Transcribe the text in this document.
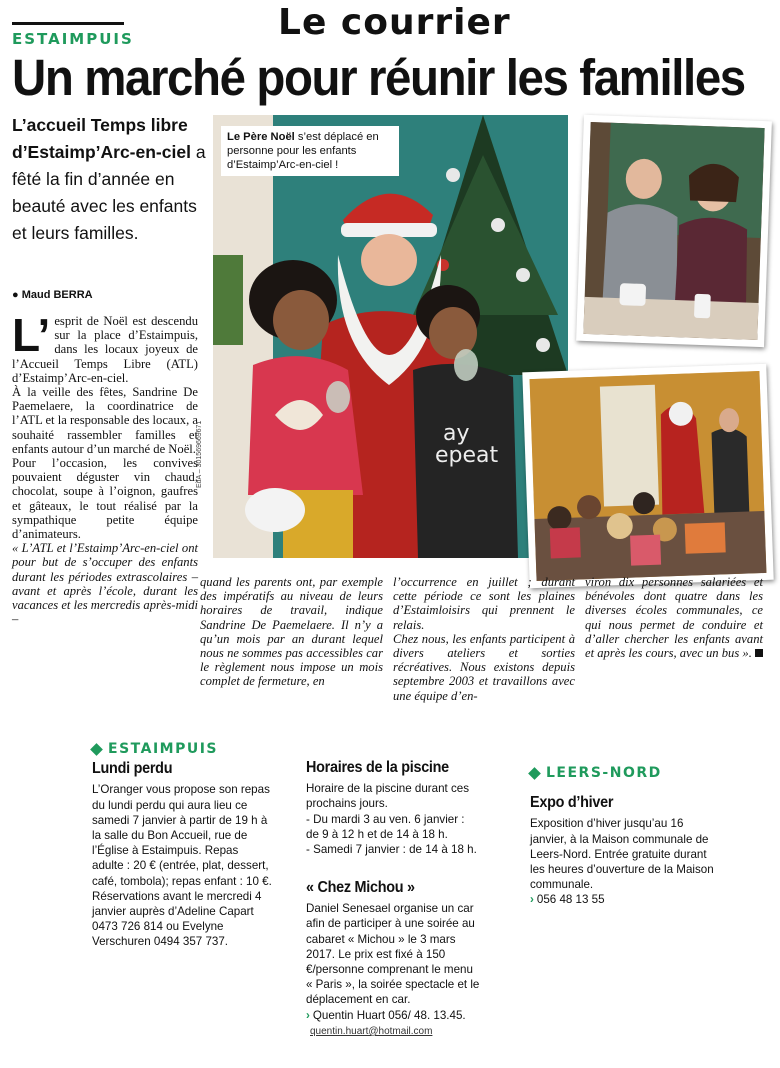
Le courrier
ESTAIMPUIS
Un marché pour réunir les familles
L’accueil Temps libre d’Estaimp’Arc-en-ciel a fêté la fin d’année en beauté avec les enfants et leurs familles.
● Maud BERRA
L’ esprit de Noël est descendu sur la place d’Estaimpuis, dans les locaux joyeux de l’Accueil Temps Libre (ATL) d’Estaimp’Arc-en-ciel.

À la veille des fêtes, Sandrine De Paemelaere, la coordinatrice de l’ATL et la responsable des locaux, a souhaité rassembler familles et enfants autour d’un marché de Noël.

Pour l’occasion, les convives pouvaient déguster vin chaud, chocolat, soupe à l’oignon, gaufres et gâteaux, le tout réalisé par la sympathique petite équipe d’animateurs.

« L’ATL et l’Estaimp’Arc-en-ciel ont pour but de s’occuper des enfants durant les périodes extrascolaires – avant et après l’école, durant les vacances et les mercredis après-midi –

ay
epeat
Le Père Noël s’est déplacé en personne pour les enfants d’Estaimp’Arc-en-ciel !
EdA – 301569669671

quand les parents ont, par exemple des impératifs au niveau de leurs horaires de travail, indique Sandrine De Paemelaere. Il n’y a qu’un mois par an durant lequel nous ne sommes pas accessibles car le règlement nous impose un mois complet de fermeture, en

l’occurrence en juillet ; durant cette période ce sont les plaines d’Estaimloisirs qui prennent le relais.

Chez nous, les enfants participent à divers ateliers et sorties récréatives. Nous existons depuis septembre 2003 et travaillons avec une équipe d’en-

viron dix personnes salariées et bénévoles dont quatre dans les diverses écoles communales, ce qui nous permet de conduire et d’aller chercher les enfants avant et après les cours, avec un bus ».

ESTAIMPUIS
Lundi perdu

L’Oranger vous propose son repas du lundi perdu qui aura lieu ce samedi 7 janvier à partir de 19 h à la salle du Bon Accueil, rue de l’Église à Estaimpuis. Repas adulte : 20 € (entrée, plat, dessert, café, tombola); repas enfant : 10 €. Réservations avant le mercredi 4 janvier auprès d’Adeline Capart 0473 726 814 ou Evelyne Verschuren 0494 357 737.

Horaires de la piscine

Horaire de la piscine durant ces prochains jours.

- Du mardi 3 au ven. 6 janvier : de 9 à 12 h et de 14 à 18 h.

- Samedi 7 janvier : de 14 à 18 h.

« Chez Michou »

Daniel Senesael organise un car afin de participer à une soirée au cabaret « Michou » le 3 mars 2017. Le prix est fixé à 150 €/personne comprenant le menu « Paris », la soirée spectacle et le déplacement en car.

› Quentin Huart 056/ 48. 13.45.

quentin.huart@hotmail.com

LEERS-NORD
Expo d’hiver

Exposition d’hiver jusqu’au 16 janvier, à la Maison communale de Leers-Nord. Entrée gratuite durant les heures d’ouverture de la Maison communale.

› 056 48 13 55
